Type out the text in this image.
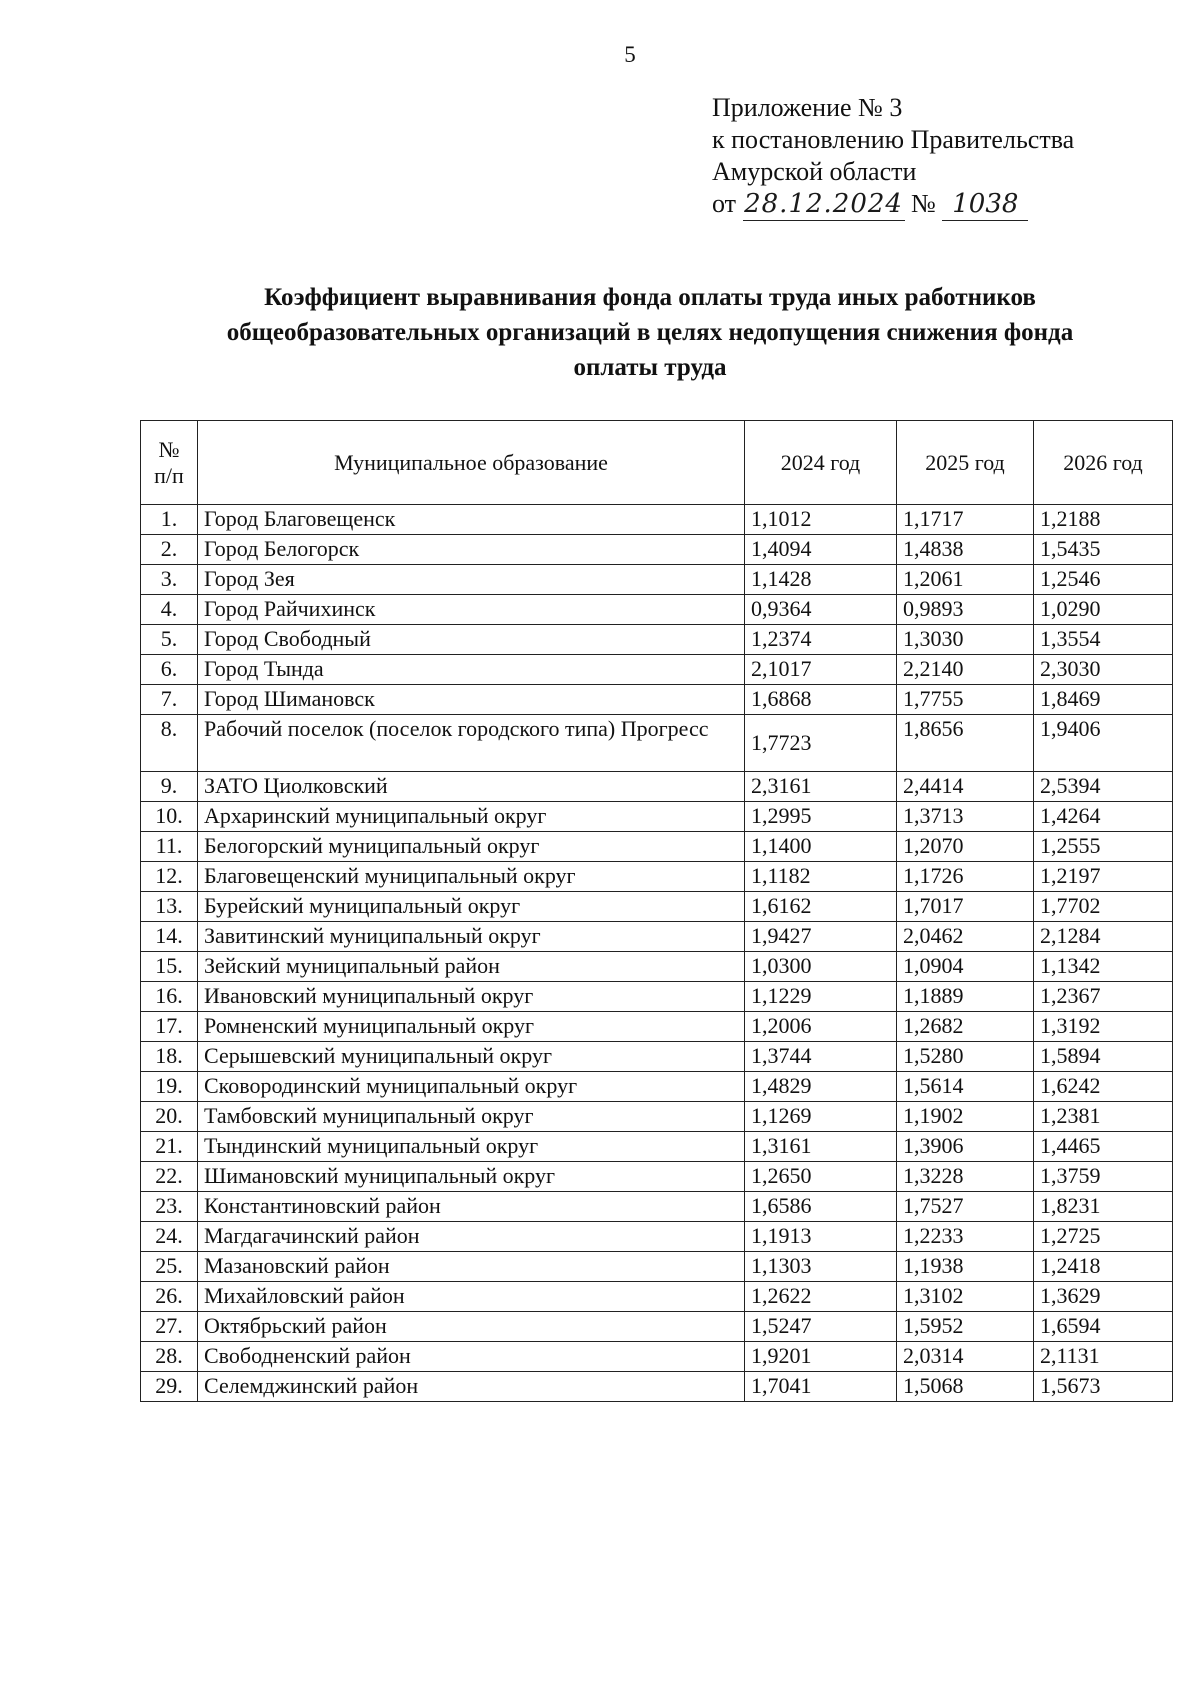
5
Приложение № 3
к постановлению Правительства
Амурской области
от 28.12.2024 № 1038
Коэффициент выравнивания фонда оплаты труда иных работников
общеобразовательных организаций в целях недопущения снижения фонда
оплаты труда
№
п/п	Муниципальное образование	2024 год	2025 год	2026 год
1.	Город Благовещенск	1,1012	1,1717	1,2188
2.	Город Белогорск	1,4094	1,4838	1,5435
3.	Город Зея	1,1428	1,2061	1,2546
4.	Город Райчихинск	0,9364	0,9893	1,0290
5.	Город Свободный	1,2374	1,3030	1,3554
6.	Город Тында	2,1017	2,2140	2,3030
7.	Город Шимановск	1,6868	1,7755	1,8469
8.	Рабочий поселок (поселок городского типа) Прогресс	1,7723	1,8656	1,9406
9.	ЗАТО Циолковский	2,3161	2,4414	2,5394
10.	Архаринский муниципальный округ	1,2995	1,3713	1,4264
11.	Белогорский муниципальный округ	1,1400	1,2070	1,2555
12.	Благовещенский муниципальный округ	1,1182	1,1726	1,2197
13.	Бурейский муниципальный округ	1,6162	1,7017	1,7702
14.	Завитинский муниципальный округ	1,9427	2,0462	2,1284
15.	Зейский муниципальный район	1,0300	1,0904	1,1342
16.	Ивановский муниципальный округ	1,1229	1,1889	1,2367
17.	Ромненский муниципальный округ	1,2006	1,2682	1,3192
18.	Серышевский муниципальный округ	1,3744	1,5280	1,5894
19.	Сковородинский муниципальный округ	1,4829	1,5614	1,6242
20.	Тамбовский муниципальный округ	1,1269	1,1902	1,2381
21.	Тындинский муниципальный округ	1,3161	1,3906	1,4465
22.	Шимановский муниципальный округ	1,2650	1,3228	1,3759
23.	Константиновский район	1,6586	1,7527	1,8231
24.	Магдагачинский район	1,1913	1,2233	1,2725
25.	Мазановский район	1,1303	1,1938	1,2418
26.	Михайловский район	1,2622	1,3102	1,3629
27.	Октябрьский район	1,5247	1,5952	1,6594
28.	Свободненский район	1,9201	2,0314	2,1131
29.	Селемджинский район	1,7041	1,5068	1,5673
